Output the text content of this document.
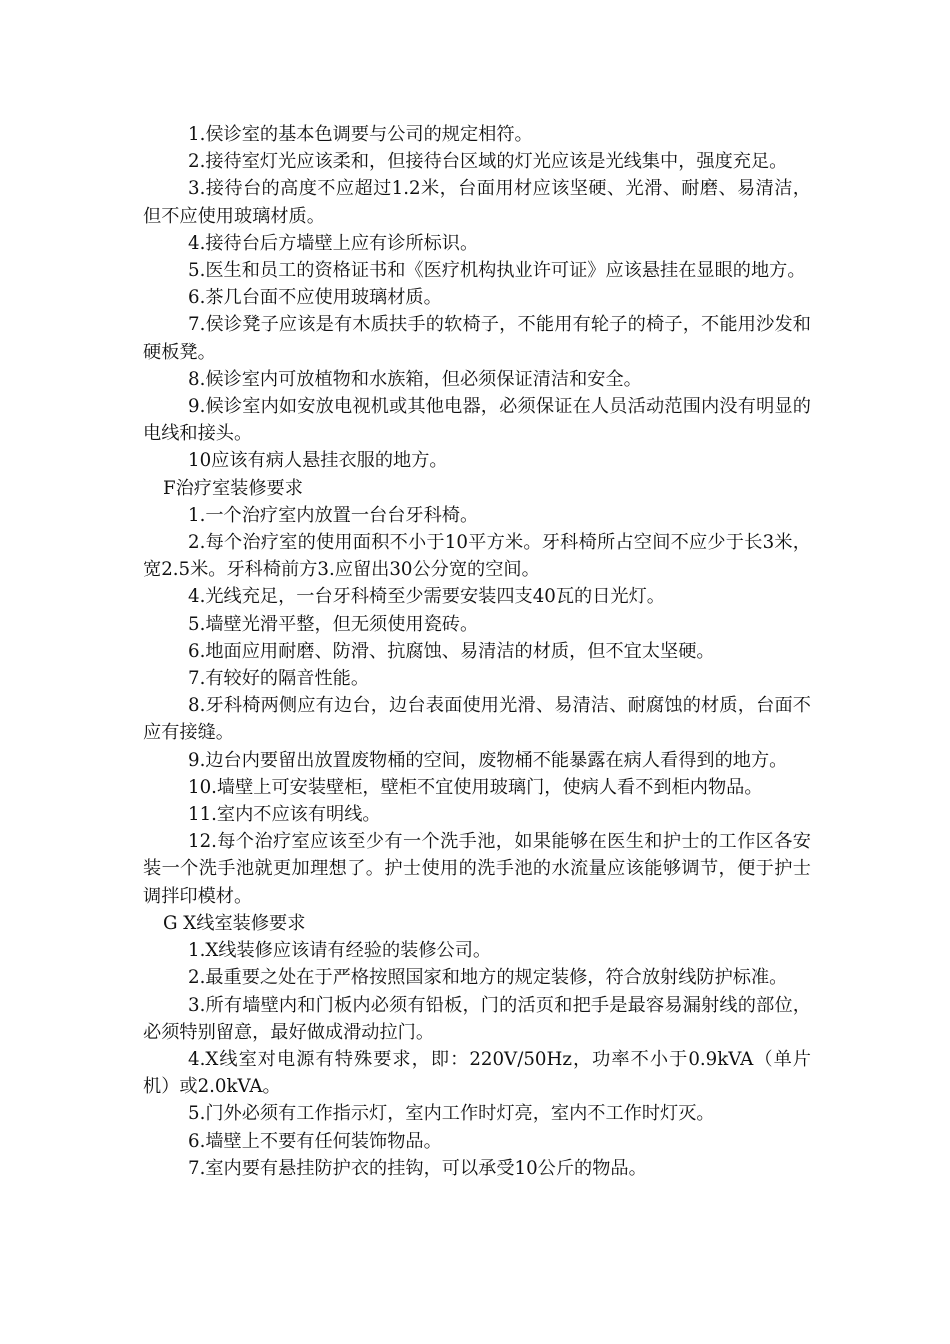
1.侯诊室的基本色调要与公司的规定相符。

2.接待室灯光应该柔和，但接待台区域的灯光应该是光线集中，强度充足。

3.接待台的高度不应超过1.2米，台面用材应该坚硬、光滑、耐磨、易清洁，但不应使用玻璃材质。

4.接待台后方墙壁上应有诊所标识。

5.医生和员工的资格证书和《医疗机构执业许可证》应该悬挂在显眼的地方。

6.茶几台面不应使用玻璃材质。

7.侯诊凳子应该是有木质扶手的软椅子，不能用有轮子的椅子，不能用沙发和硬板凳。

8.候诊室内可放植物和水族箱，但必须保证清洁和安全。

9.候诊室内如安放电视机或其他电器，必须保证在人员活动范围内没有明显的电线和接头。

10应该有病人悬挂衣服的地方。

F治疗室装修要求

1.一个治疗室内放置一台台牙科椅。

2.每个治疗室的使用面积不小于10平方米。牙科椅所占空间不应少于长3米，宽2.5米。牙科椅前方3.应留出30公分宽的空间。

4.光线充足，一台牙科椅至少需要安装四支40瓦的日光灯。

5.墙壁光滑平整，但无须使用瓷砖。

6.地面应用耐磨、防滑、抗腐蚀、易清洁的材质，但不宜太坚硬。

7.有较好的隔音性能。

8.牙科椅两侧应有边台，边台表面使用光滑、易清洁、耐腐蚀的材质，台面不应有接缝。

9.边台内要留出放置废物桶的空间，废物桶不能暴露在病人看得到的地方。

10.墙壁上可安装壁柜，壁柜不宜使用玻璃门，使病人看不到柜内物品。

11.室内不应该有明线。

12.每个治疗室应该至少有一个洗手池，如果能够在医生和护士的工作区各安装一个洗手池就更加理想了。护士使用的洗手池的水流量应该能够调节，便于护士调拌印模材。

G X线室装修要求

1.X线装修应该请有经验的装修公司。

2.最重要之处在于严格按照国家和地方的规定装修，符合放射线防护标准。

3.所有墙壁内和门板内必须有铅板，门的活页和把手是最容易漏射线的部位，必须特别留意，最好做成滑动拉门。

4.X线室对电源有特殊要求，即：220V/50Hz，功率不小于0.9kVA（单片机）或2.0kVA。

5.门外必须有工作指示灯，室内工作时灯亮，室内不工作时灯灭。

6.墙壁上不要有任何装饰物品。

7.室内要有悬挂防护衣的挂钩，可以承受10公斤的物品。
